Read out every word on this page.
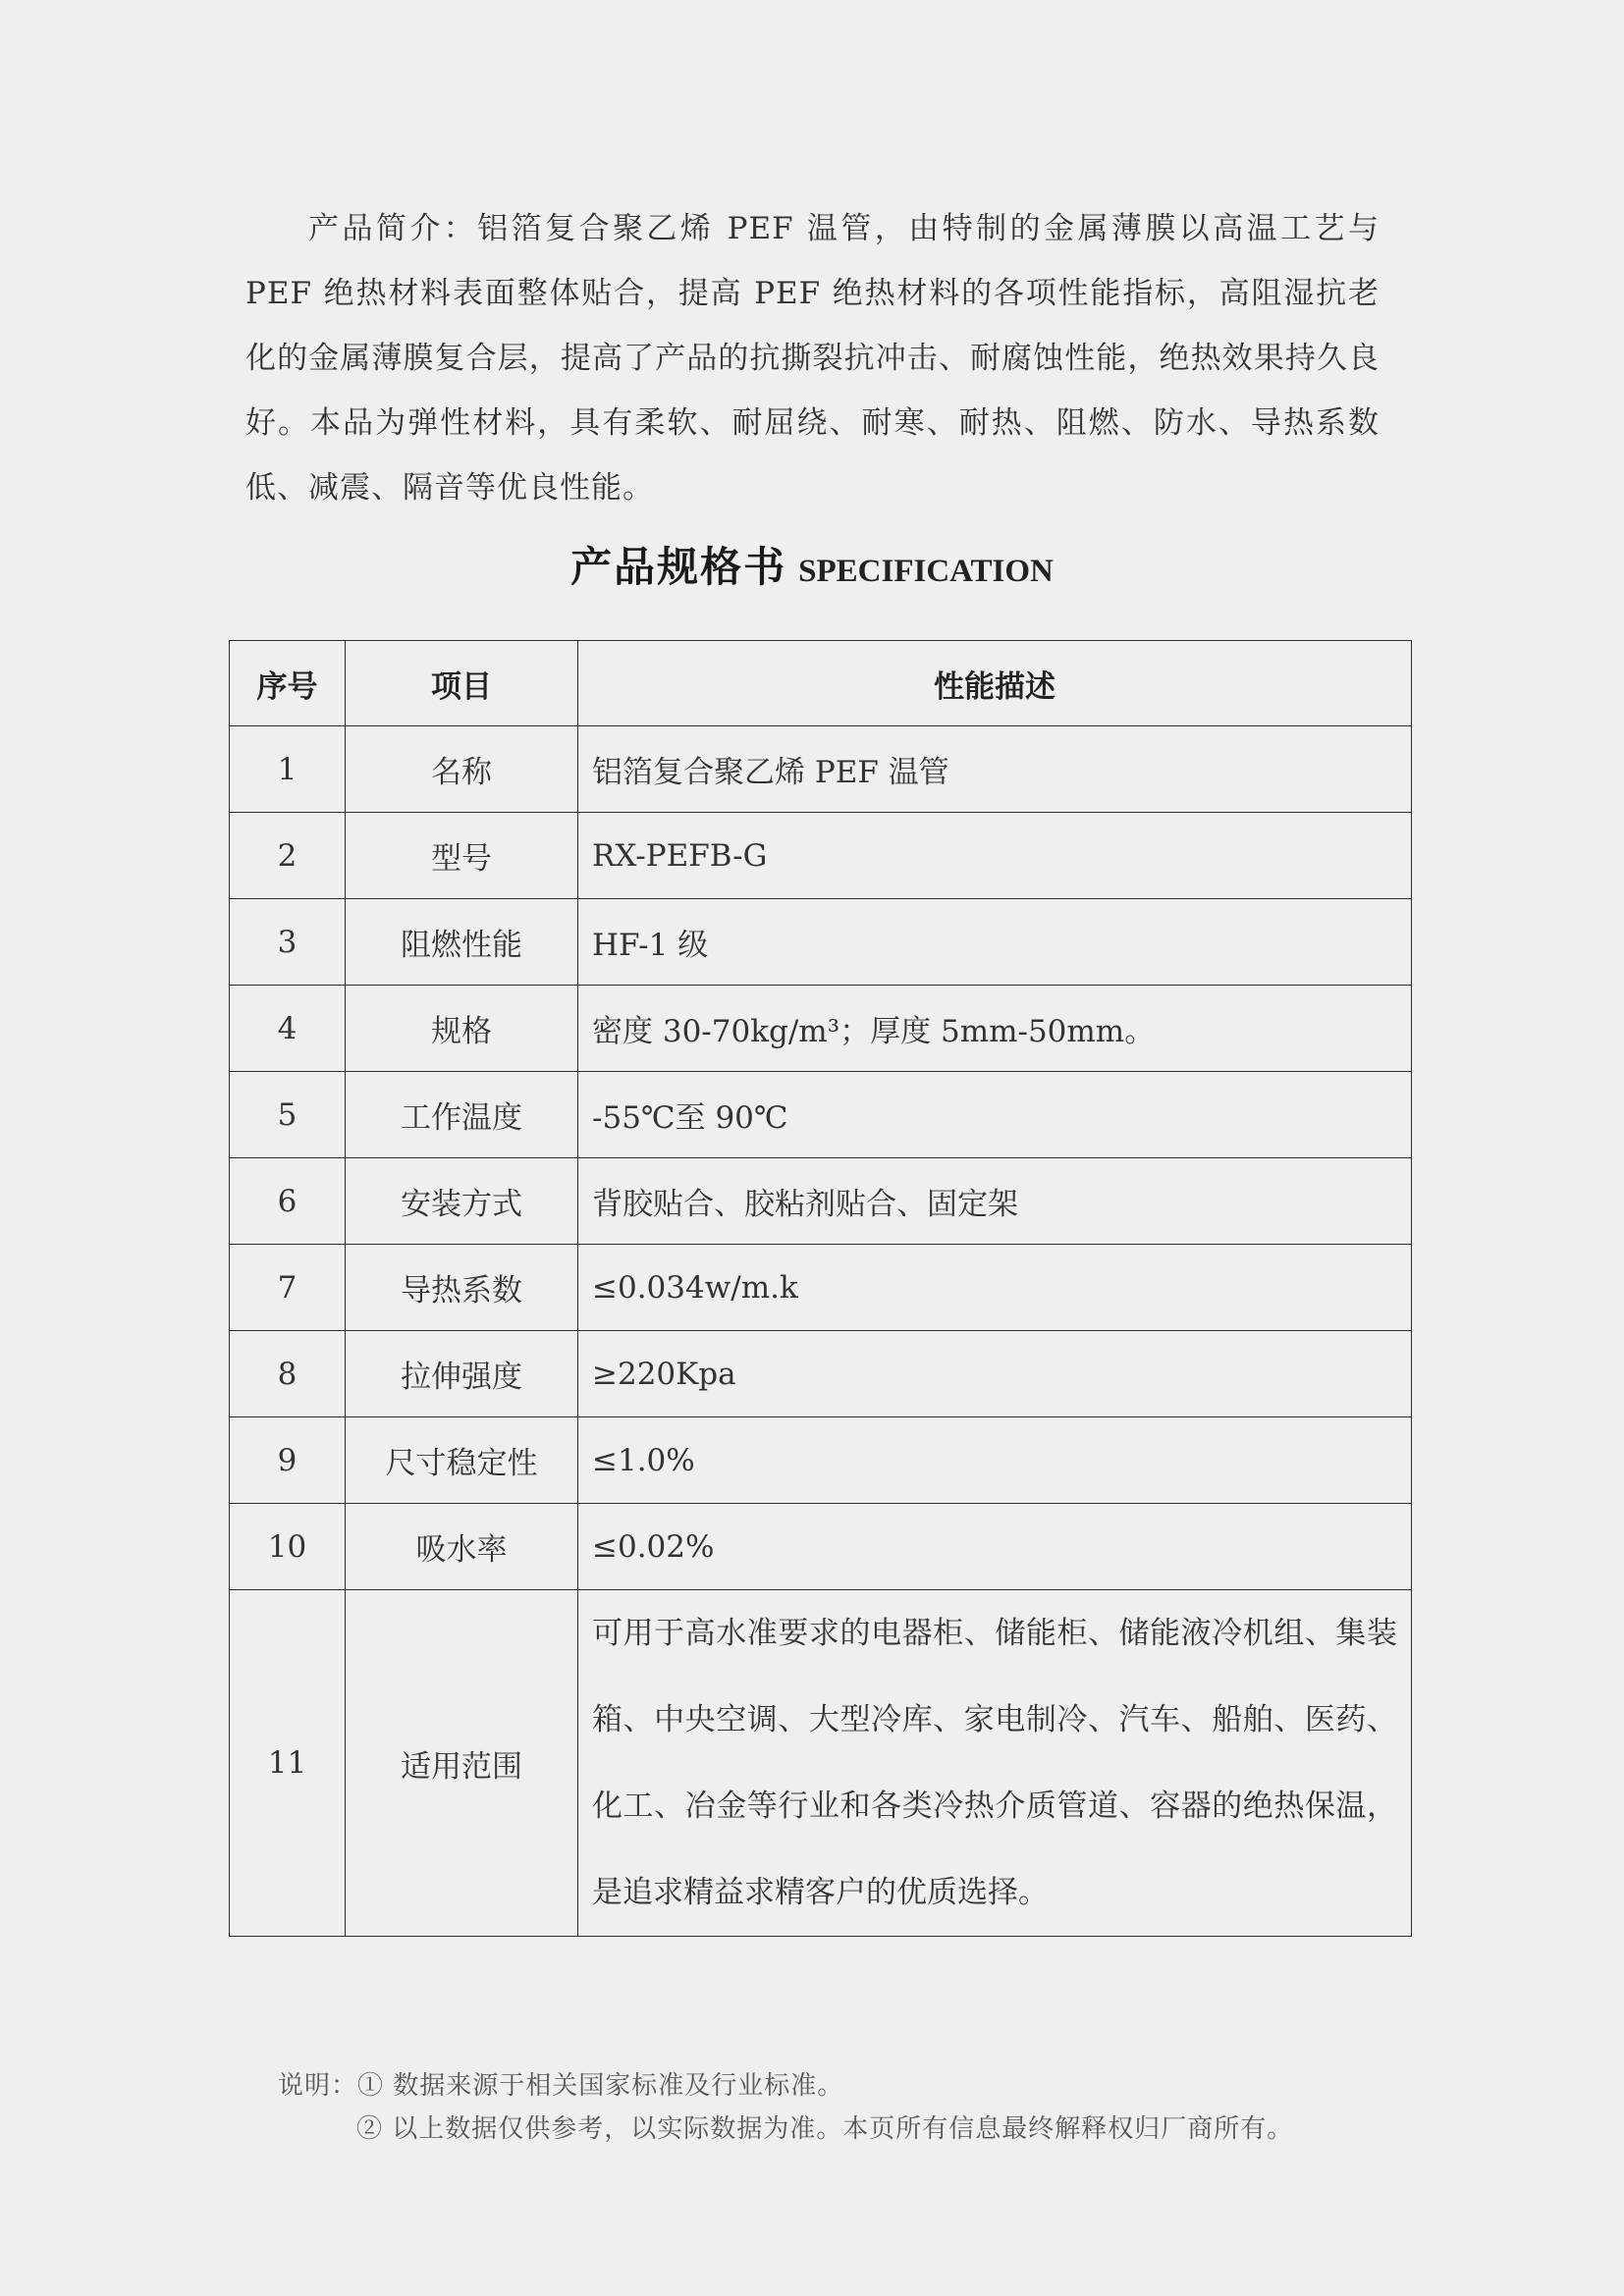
产品简介：铝箔复合聚乙烯 PEF 温管，由特制的金属薄膜以高温工艺与 PEF 绝热材料表面整体贴合，提高 PEF 绝热材料的各项性能指标，高阻湿抗老化的金属薄膜复合层，提高了产品的抗撕裂抗冲击、耐腐蚀性能，绝热效果持久良好。本品为弹性材料，具有柔软、耐屈绕、耐寒、耐热、阻燃、防水、导热系数低、减震、隔音等优良性能。

产品规格书 SPECIFICATION
序号	项目	性能描述
1	名称	铝箔复合聚乙烯 PEF 温管
2	型号	RX-PEFB-G
3	阻燃性能	HF-1 级
4	规格	密度 30-70kg/m³；厚度 5mm-50mm。
5	工作温度	-55℃至 90℃
6	安装方式	背胶贴合、胶粘剂贴合、固定架
7	导热系数	≤0.034w/m.k
8	拉伸强度	≥220Kpa
9	尺寸稳定性	≤1.0%
10	吸水率	≤0.02%
11	适用范围	可用于高水准要求的电器柜、储能柜、储能液冷机组、集装箱、中央空调、大型冷库、家电制冷、汽车、船舶、医药、化工、冶金等行业和各类冷热介质管道、容器的绝热保温，是追求精益求精客户的优质选择。
说明：① 数据来源于相关国家标准及行业标准。
② 以上数据仅供参考，以实际数据为准。本页所有信息最终解释权归厂商所有。
